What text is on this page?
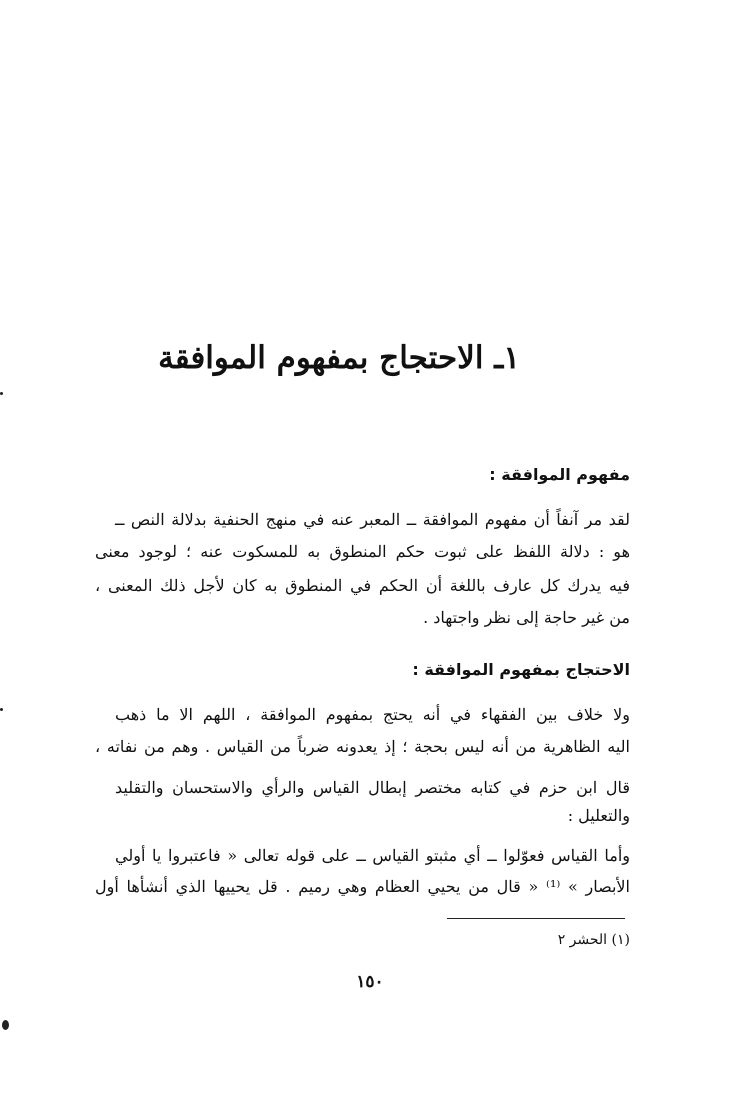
١ـ الاحتجاج بمفهوم الموافقة
مفهوم الموافقة :
لقد مر آنفاً أن مفهوم الموافقة ــ المعبر عنه في منهج الحنفية بدلالة النص ــ
هو : دلالة اللفظ على ثبوت حكم المنطوق به للمسكوت عنه ؛ لوجود معنى
فيه يدرك كل عارف باللغة أن الحكم في المنطوق به كان لأجل ذلك المعنى ،
من غير حاجة إلى نظر واجتهاد .
الاحتجاج بمفهوم الموافقة :
ولا خلاف بين الفقهاء في أنه يحتج بمفهوم الموافقة ، اللهم الا ما ذهب
اليه الظاهرية من أنه ليس بحجة ؛ إذ يعدونه ضرباً من القياس . وهم من نفاته ،
قال ابن حزم في كتابه مختصر إبطال القياس والرأي والاستحسان والتقليد
والتعليل :
وأما القياس فعوّلوا ــ أي مثبتو القياس ــ على قوله تعالى « فاعتبروا يا أولي
الأبصار » ⁽¹⁾ « قال من يحيي العظام وهي رميم . قل يحييها الذي أنشأها أول
(١) الحشر ٢
١٥٠
